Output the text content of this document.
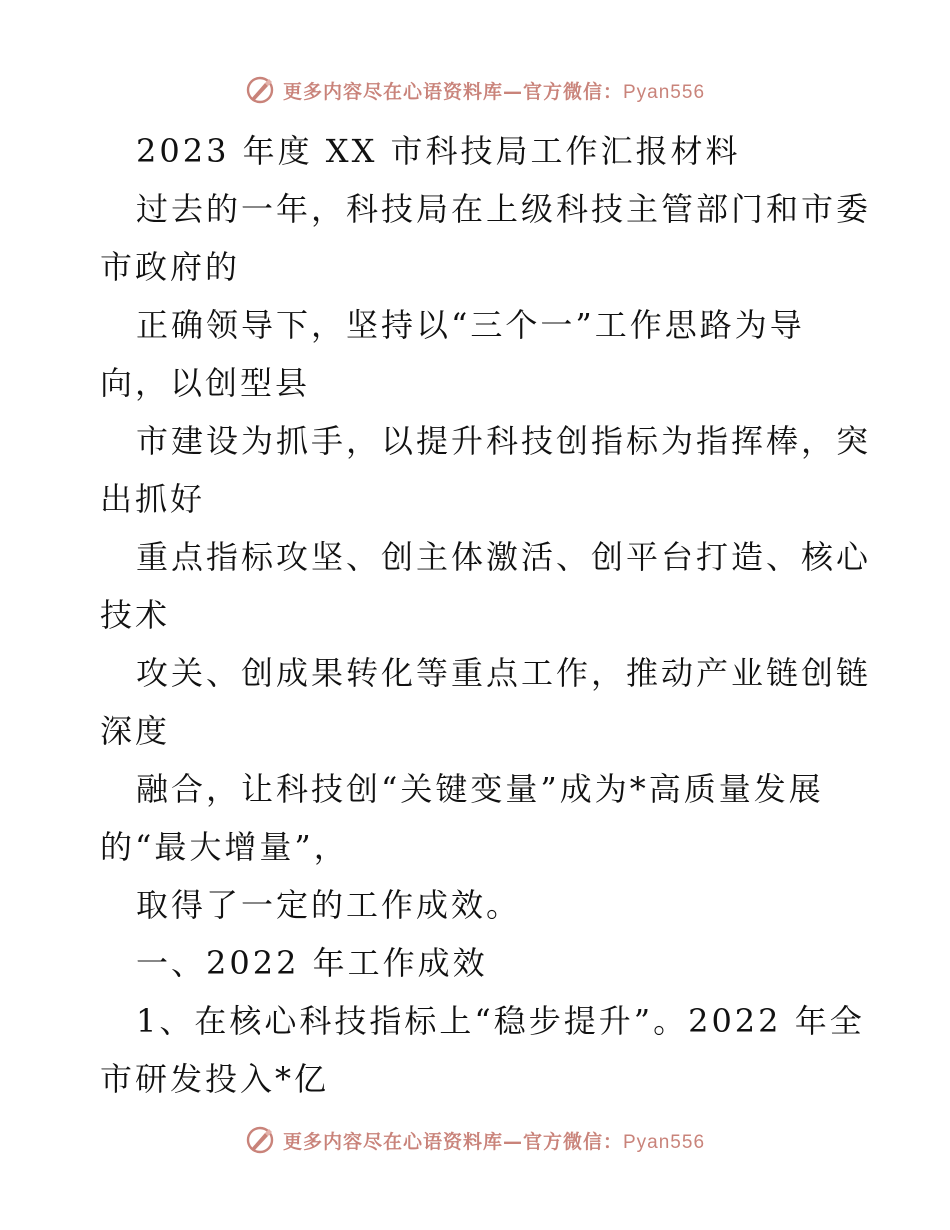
更多内容尽在心语资料库—官方微信：Pyan556
2023 年度 XX 市科技局工作汇报材料
过去的一年，科技局在上级科技主管部门和市委
市政府的
正确领导下，坚持以“三个一”工作思路为导
向，以创型县
市建设为抓手，以提升科技创指标为指挥棒，突
出抓好
重点指标攻坚、创主体激活、创平台打造、核心
技术
攻关、创成果转化等重点工作，推动产业链创链
深度
融合，让科技创“关键变量”成为*高质量发展
的“最大增量”，
取得了一定的工作成效。
一、2022 年工作成效
1、在核心科技指标上“稳步提升”。2022 年全
市研发投入*亿
更多内容尽在心语资料库—官方微信：Pyan556
